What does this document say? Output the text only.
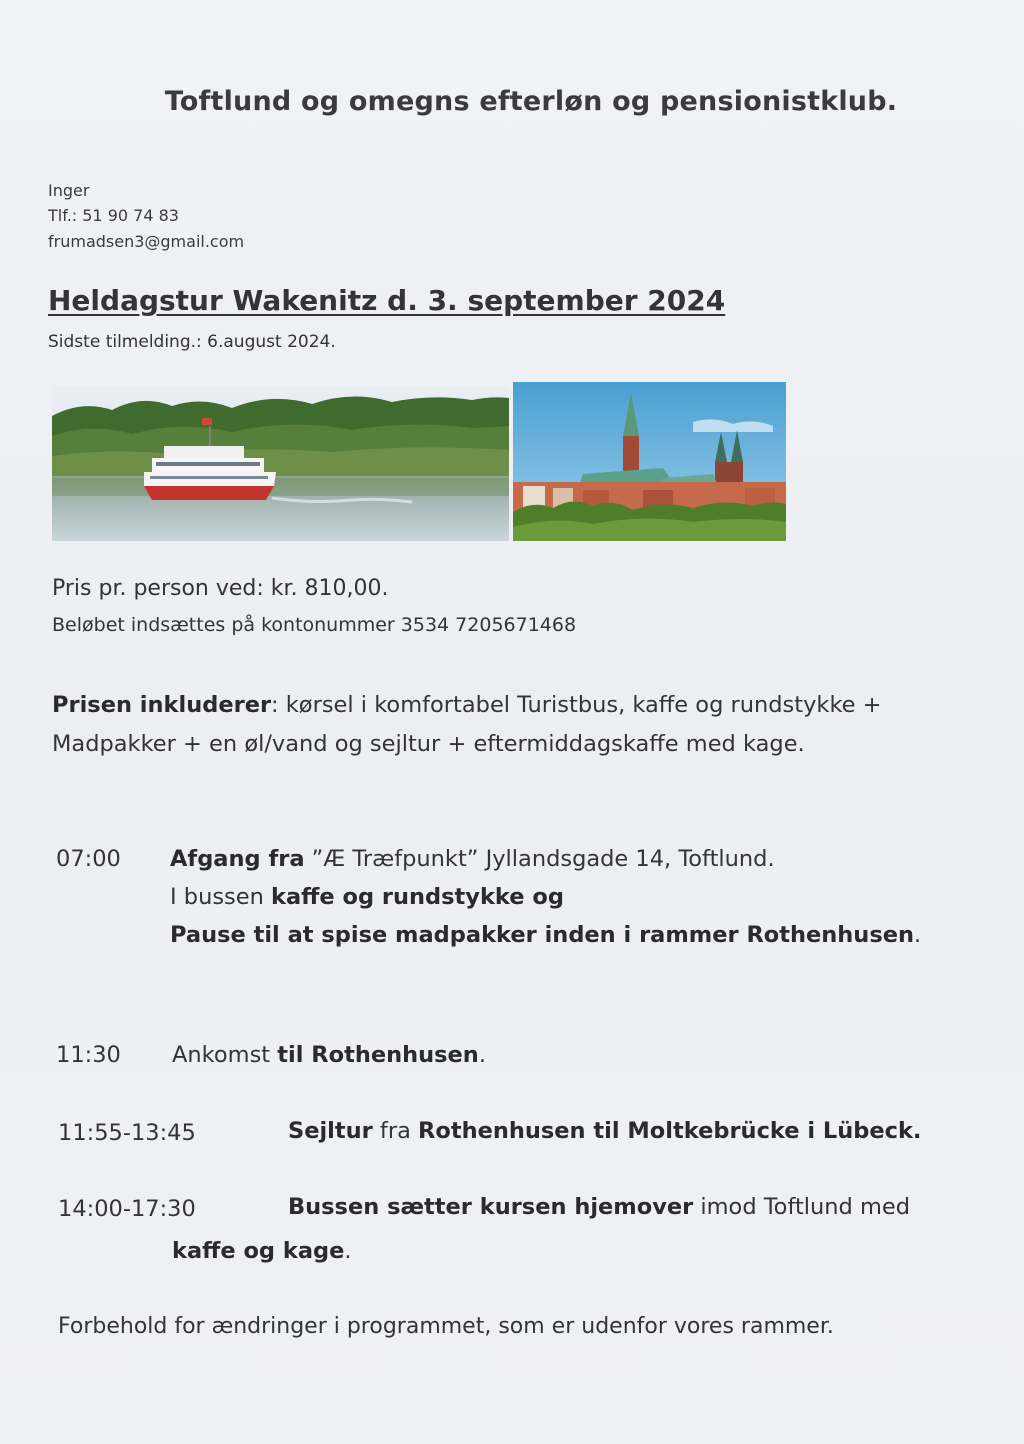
Toftlund og omegns efterløn og pensionistklub.
Inger
Tlf.: 51 90 74 83
frumadsen3@gmail.com
Heldagstur Wakenitz d. 3. september 2024
Sidste tilmelding.: 6.august 2024.
Pris pr. person ved: kr. 810,00.
Beløbet indsættes på kontonummer 3534 7205671468
Prisen inkluderer: kørsel i komfortabel Turistbus, kaffe og rundstykke +
Madpakker + en øl/vand og sejltur + eftermiddagskaffe med kage.
07:00 Afgang fra ”Æ Træfpunkt” Jyllandsgade 14, Toftlund.
I bussen kaffe og rundstykke og
Pause til at spise madpakker inden i rammer Rothenhusen.
11:30 Ankomst til Rothenhusen.
11:55-13:45	Sejltur fra Rothenhusen til Moltkebrücke i Lübeck.
14:00-17:30	Bussen sætter kursen hjemover imod Toftlund med
kaffe og kage.
Forbehold for ændringer i programmet, som er udenfor vores rammer.
